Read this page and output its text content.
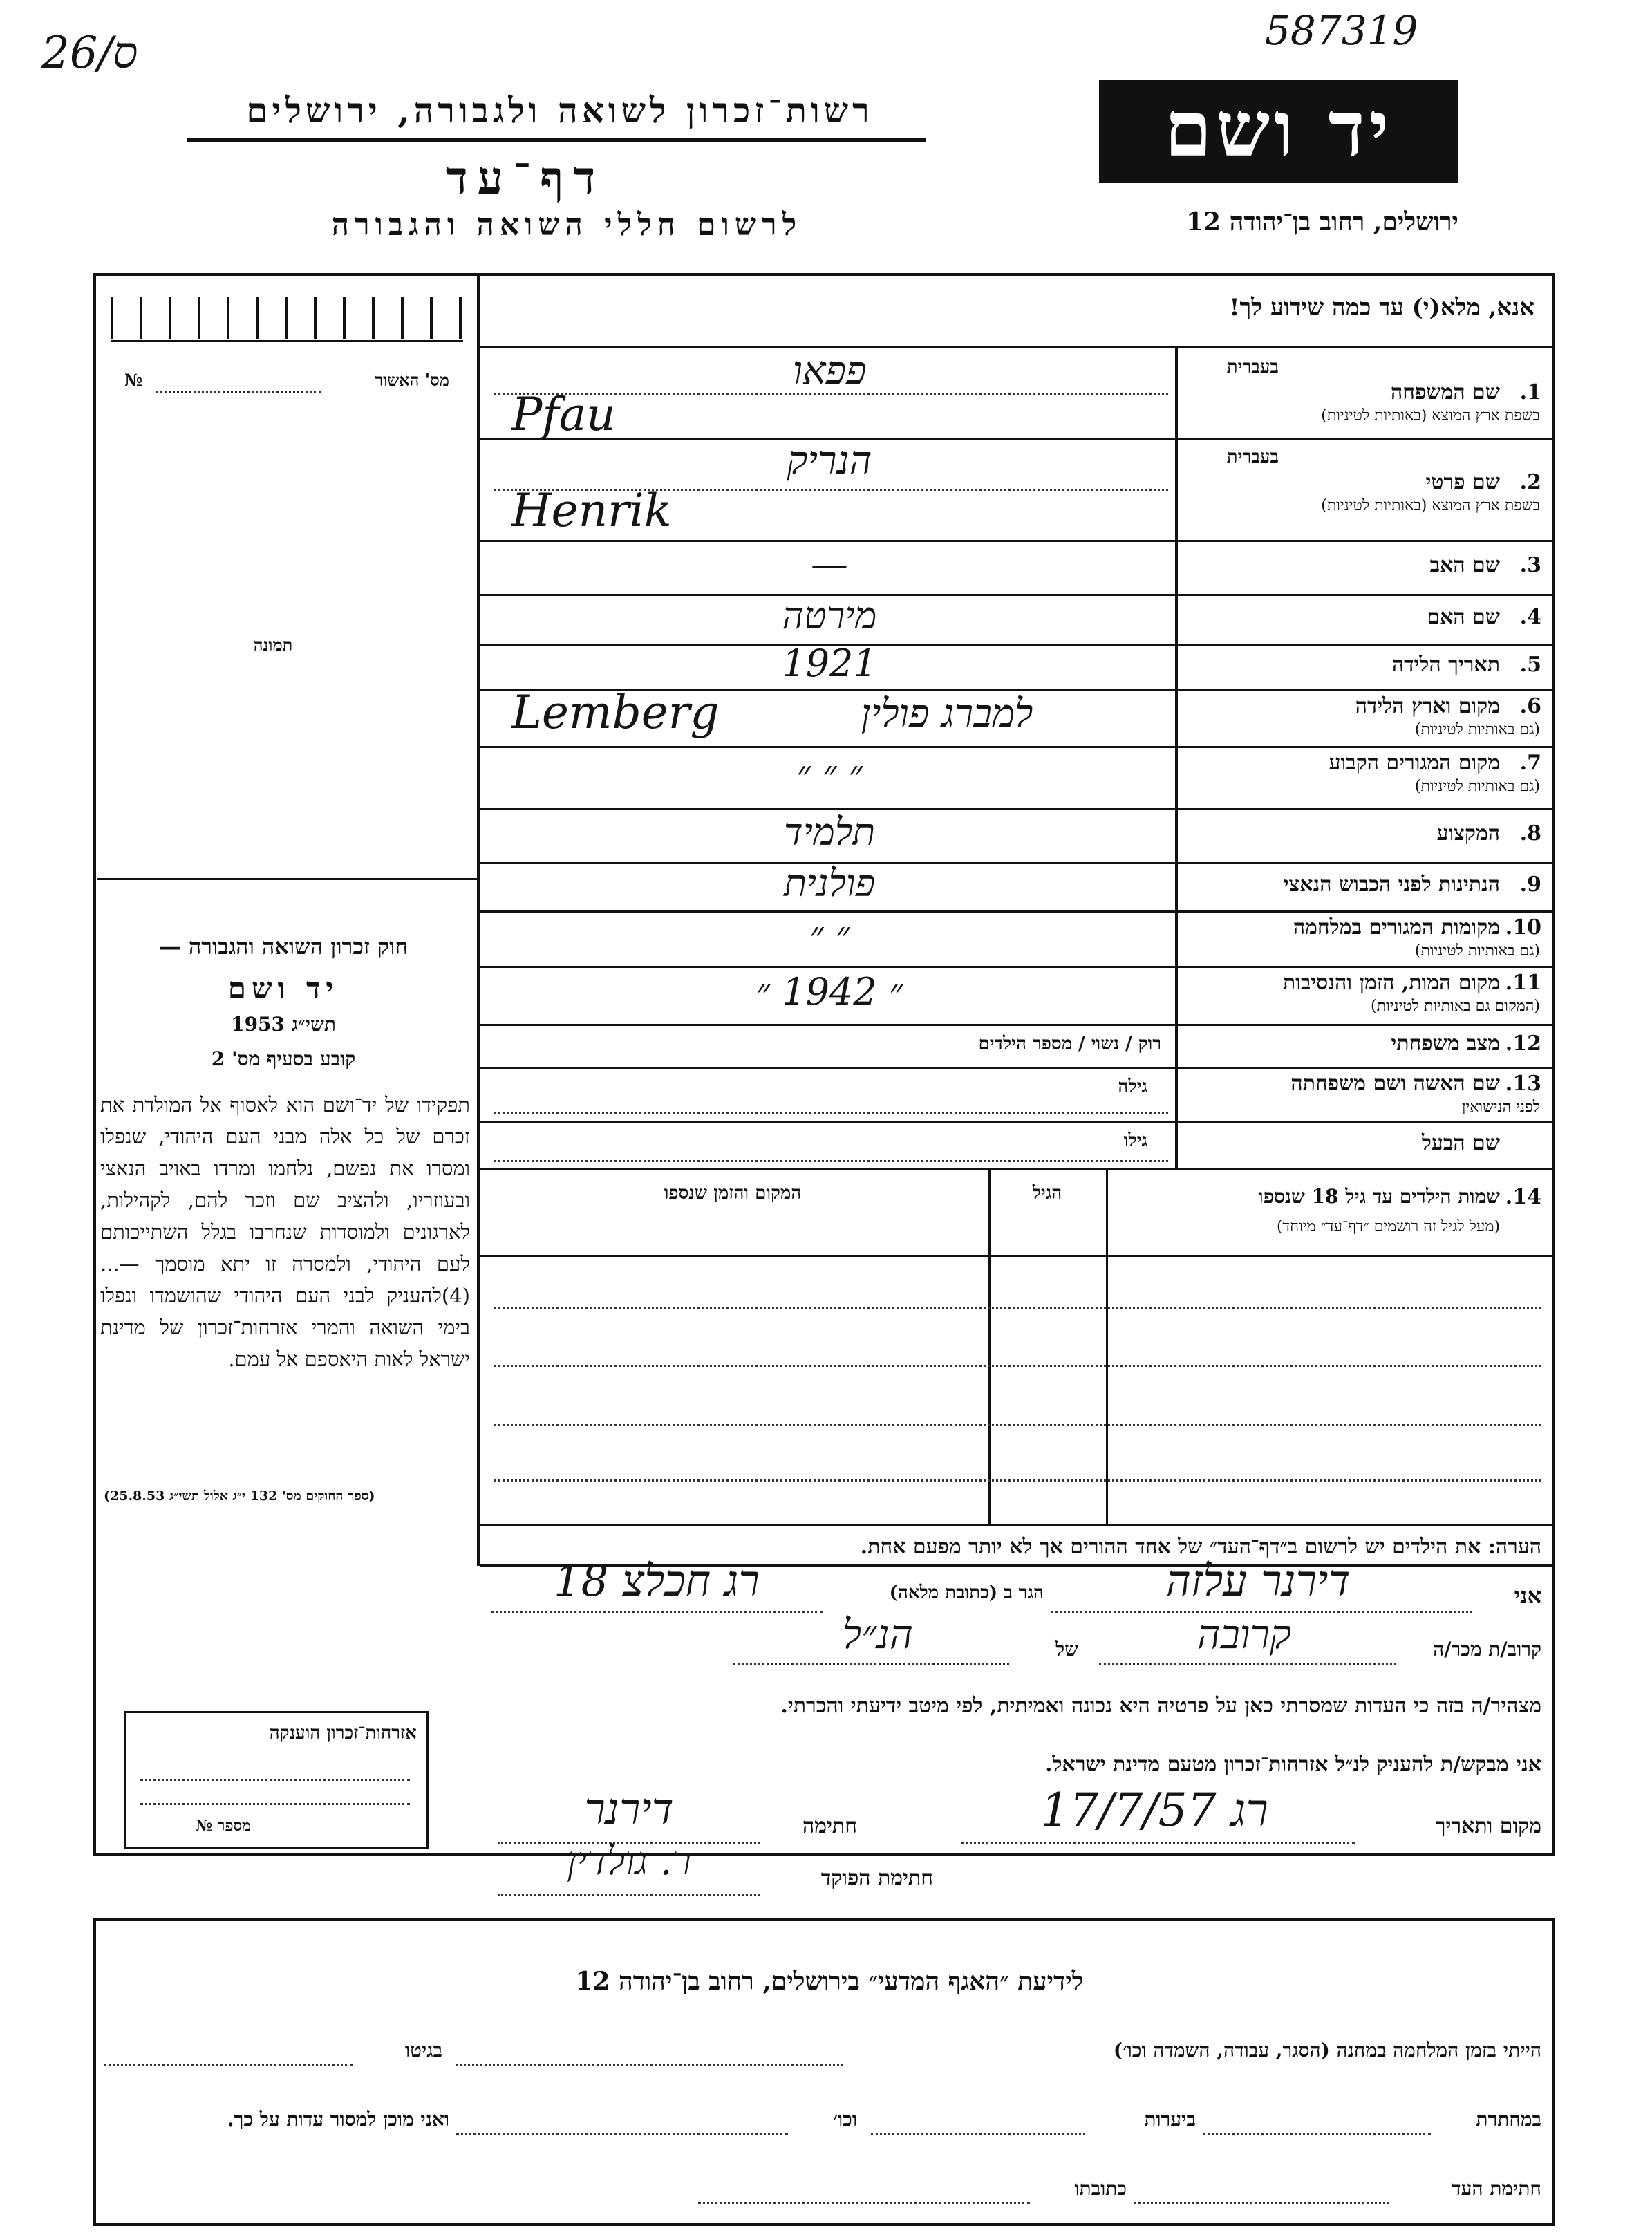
26/ס	587319
רשות־זכרון לשואה ולגבורה, ירושלים
דף־עד
לרשום חללי השואה והגבורה
יד ושם
ירושלים, רחוב בן־יהודה 12
אנא, מלא(י) עד כמה שידוע לך!
מס' האשור
№
תמונה
חוק זכרון השואה והגבורה —
יד ושם
תשי״ג 1953
קובע בסעיף מס' 2
תפקידו של יד־ושם הוא לאסוף אל המולדת את זכרם של כל אלה מבני העם היהודי, שנפלו ומסרו את נפשם, נלחמו ומרדו באויב הנאצי ובעוזריו, ולהציב שם וזכר להם, לקהילות, לארגונים ולמוסדות שנחרבו בגלל השתייכותם לעם היהודי, ולמסרה זו יתא מוסמך —...(4)להעניק לבני העם היהודי שהושמדו ונפלו בימי השואה והמרי אזרחות־זכרון של מדינת ישראל לאות היאספם אל עמם.
(ספר החוקים מס' 132 י״ג אלול תשי״ג 25.8.53)
אזרחות־זכרון הוענקה
מספר №
בעברית
1.
שם המשפחה
בשפת ארץ המוצא (באותיות לטיניות)
פפאו
Pfau
בעברית
2.
שם פרטי
בשפת ארץ המוצא (באותיות לטיניות)
הנריק
Henrik
3.
שם האב
—
4.
שם האם
מירטה
5.
תאריך הלידה
1921
6.
מקום וארץ הלידה
(גם באותיות לטיניות)
למברג פולין
Lemberg
7.
מקום המגורים הקבוע
(גם באותיות לטיניות)
״ ״ ״
8.
המקצוע
תלמיד
9.
הנתינות לפני הכבוש הנאצי
פולנית
10.
מקומות המגורים במלחמה
(גם באותיות לטיניות)
״ ״
11.
מקום המות, הזמן והנסיבות
(המקום גם באותיות לטיניות)
״ 1942 ״
12.
מצב משפחתי
רוק / נשוי / מספר הילדים
13.
שם האשה ושם משפחתה
לפני הנישואין
גילה
שם הבעל
גילו
14.
שמות הילדים עד גיל 18 שנספו
(מעל לגיל זה רושמים ״דף־עד״ מיוחד)
הגיל
המקום והזמן שנספו
הערה: את הילדים יש לרשום ב״דף־העד״ של אחד ההורים אך לא יותר מפעם אחת.
אני
דירנר עלזה
הגר ב (כתובת מלאה)
רג חכלצ 18
קרוב/ת מכר/ה
קרובה
של
הנ״ל
מצהיר/ה בזה כי העדות שמסרתי כאן על פרטיה היא נכונה ואמיתית, לפי מיטב ידיעתי והכרתי.
אני מבקש/ת להעניק לנ״ל אזרחות־זכרון מטעם מדינת ישראל.
מקום ותאריך
רג 17/7/57
חתימה
דירנר
חתימת הפוקד
ר. גולדין
לידיעת ״האגף המדעי״ בירושלים, רחוב בן־יהודה 12
הייתי בזמן המלחמה במחנה (הסגר, עבודה, השמדה וכו׳)
בגיטו
במחתרת
ביערות
וכו׳
ואני מוכן למסור עדות על כך.
חתימת העד
כתובתו
